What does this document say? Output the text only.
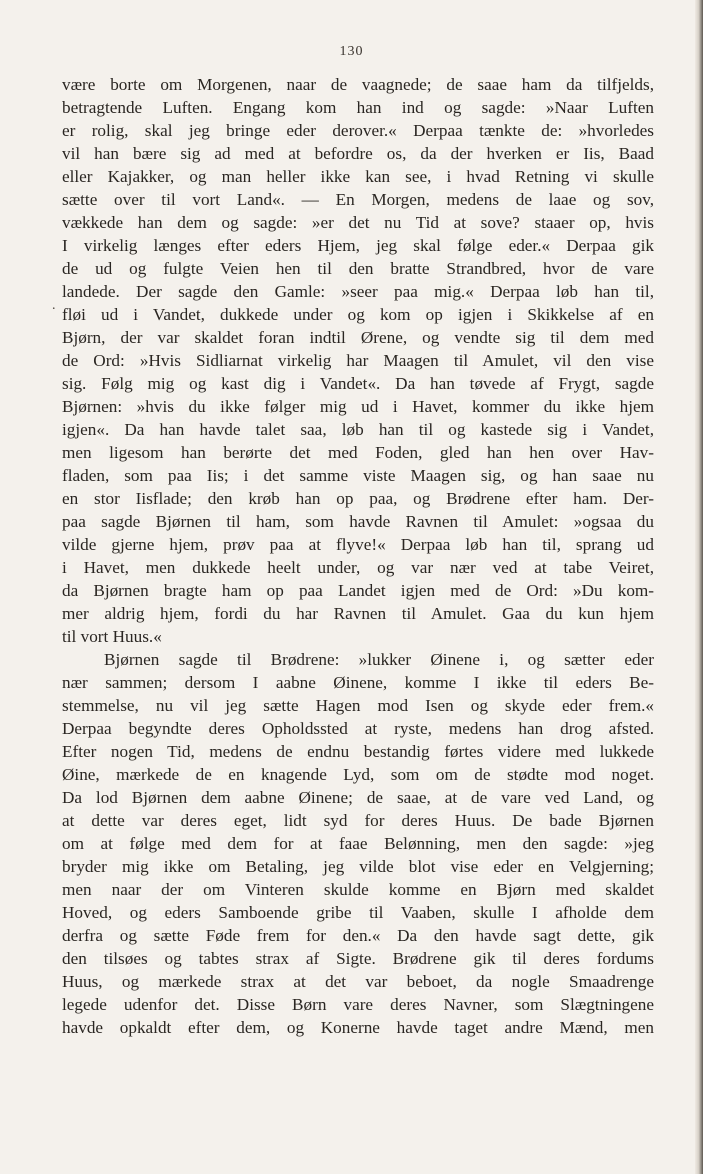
130
.
være borte om Morgenen, naar de vaagnede; de saae ham da tilfjelds,
betragtende Luften. Engang kom han ind og sagde: »Naar Luften
er rolig, skal jeg bringe eder derover.« Derpaa tænkte de: »hvorledes
vil han bære sig ad med at befordre os, da der hverken er Iis, Baad
eller Kajakker, og man heller ikke kan see, i hvad Retning vi skulle
sætte over til vort Land«. — En Morgen, medens de laae og sov,
vækkede han dem og sagde: »er det nu Tid at sove? staaer op, hvis
I virkelig længes efter eders Hjem, jeg skal følge eder.« Derpaa gik
de ud og fulgte Veien hen til den bratte Strandbred, hvor de vare
landede. Der sagde den Gamle: »seer paa mig.« Derpaa løb han til,
fløi ud i Vandet, dukkede under og kom op igjen i Skikkelse af en
Bjørn, der var skaldet foran indtil Ørene, og vendte sig til dem med
de Ord: »Hvis Sidliarnat virkelig har Maagen til Amulet, vil den vise
sig. Følg mig og kast dig i Vandet«. Da han tøvede af Frygt, sagde
Bjørnen: »hvis du ikke følger mig ud i Havet, kommer du ikke hjem
igjen«. Da han havde talet saa, løb han til og kastede sig i Vandet,
men ligesom han berørte det med Foden, gled han hen over Hav-
fladen, som paa Iis; i det samme viste Maagen sig, og han saae nu
en stor Iisflade; den krøb han op paa, og Brødrene efter ham. Der-
paa sagde Bjørnen til ham, som havde Ravnen til Amulet: »ogsaa du
vilde gjerne hjem, prøv paa at flyve!« Derpaa løb han til, sprang ud
i Havet, men dukkede heelt under, og var nær ved at tabe Veiret,
da Bjørnen bragte ham op paa Landet igjen med de Ord: »Du kom-
mer aldrig hjem, fordi du har Ravnen til Amulet. Gaa du kun hjem
til vort Huus.«
Bjørnen sagde til Brødrene: »lukker Øinene i, og sætter eder
nær sammen; dersom I aabne Øinene, komme I ikke til eders Be-
stemmelse, nu vil jeg sætte Hagen mod Isen og skyde eder frem.«
Derpaa begyndte deres Opholdssted at ryste, medens han drog afsted.
Efter nogen Tid, medens de endnu bestandig førtes videre med lukkede
Øine, mærkede de en knagende Lyd, som om de stødte mod noget.
Da lod Bjørnen dem aabne Øinene; de saae, at de vare ved Land, og
at dette var deres eget, lidt syd for deres Huus. De bade Bjørnen
om at følge med dem for at faae Belønning, men den sagde: »jeg
bryder mig ikke om Betaling, jeg vilde blot vise eder en Velgjerning;
men naar der om Vinteren skulde komme en Bjørn med skaldet
Hoved, og eders Samboende gribe til Vaaben, skulle I afholde dem
derfra og sætte Føde frem for den.« Da den havde sagt dette, gik
den tilsøes og tabtes strax af Sigte. Brødrene gik til deres fordums
Huus, og mærkede strax at det var beboet, da nogle Smaadrenge
legede udenfor det. Disse Børn vare deres Navner, som Slægtningene
havde opkaldt efter dem, og Konerne havde taget andre Mænd, men
